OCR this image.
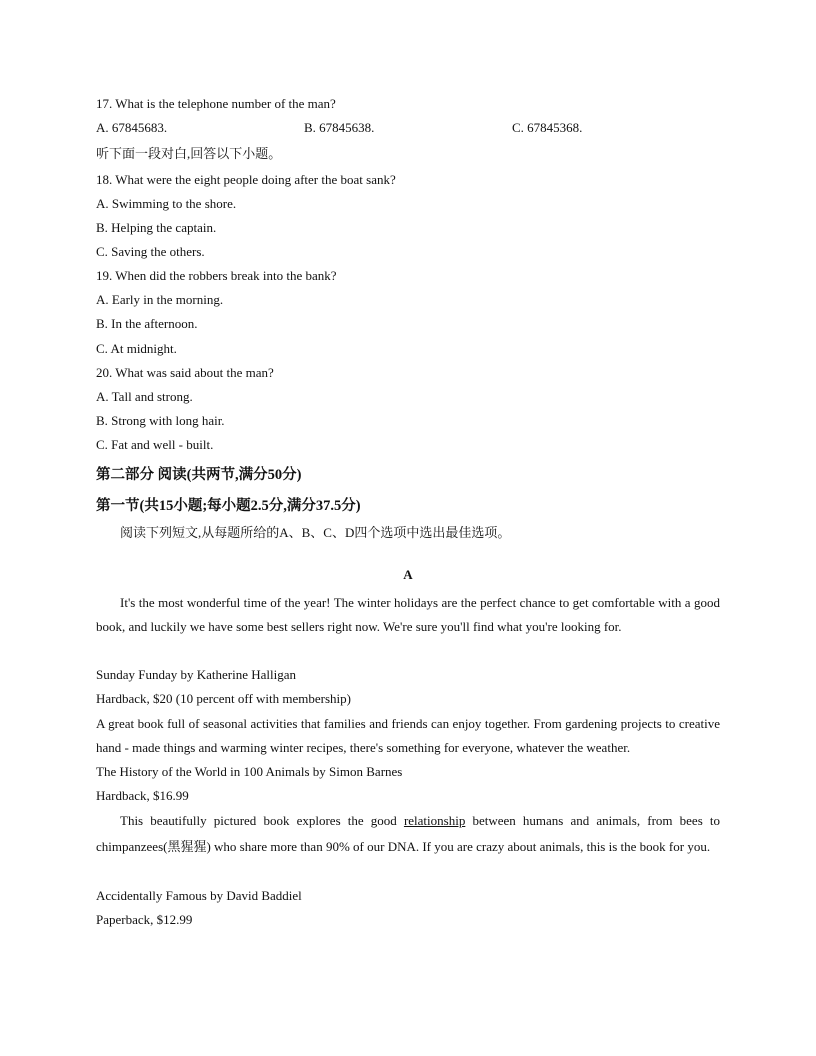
17. What is the telephone number of the man?
A. 67845683.	B. 67845638.	C. 67845368.
听下面一段对白,回答以下小题。
18. What were the eight people doing after the boat sank?
A. Swimming to the shore.
B. Helping the captain.
C. Saving the others.
19. When did the robbers break into the bank?
A. Early in the morning.
B. In the afternoon.
C. At midnight.
20. What was said about the man?
A. Tall and strong.
B. Strong with long hair.
C. Fat and well - built.
第二部分 阅读(共两节,满分50分)
第一节(共15小题;每小题2.5分,满分37.5分)
阅读下列短文,从每题所给的A、B、C、D四个选项中选出最佳选项。
A
It's the most wonderful time of the year! The winter holidays are the perfect chance to get comfortable with a good book, and luckily we have some best sellers right now. We're sure you'll find what you're looking for.
Sunday Funday by Katherine Halligan
Hardback, $20 (10 percent off with membership)
A great book full of seasonal activities that families and friends can enjoy together. From gardening projects to creative hand - made things and warming winter recipes, there's something for everyone, whatever the weather.
The History of the World in 100 Animals by Simon Barnes
Hardback, $16.99
This beautifully pictured book explores the good relationship between humans and animals, from bees to chimpanzees(黑猩猩) who share more than 90% of our DNA. If you are crazy about animals, this is the book for you.
Accidentally Famous by David Baddiel
Paperback, $12.99
